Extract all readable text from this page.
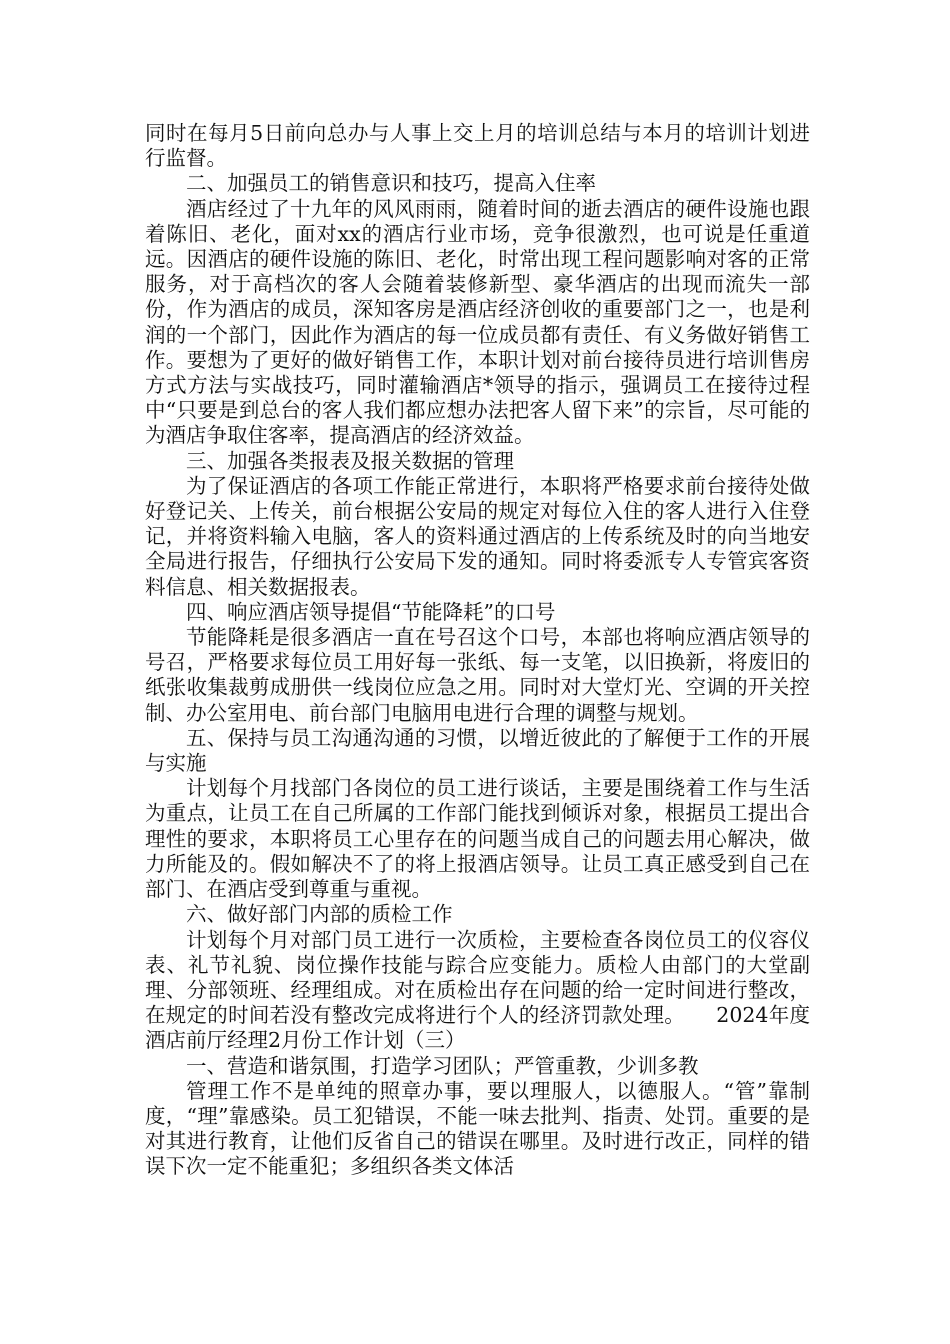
同时在每月5日前向总办与人事上交上月的培训总结与本月的培训计划进行监督。

二、加强员工的销售意识和技巧，提高入住率

酒店经过了十九年的风风雨雨，随着时间的逝去酒店的硬件设施也跟着陈旧、老化，面对xx的酒店行业市场，竞争很激烈，也可说是任重道远。因酒店的硬件设施的陈旧、老化，时常出现工程问题影响对客的正常服务，对于高档次的客人会随着装修新型、豪华酒店的出现而流失一部份，作为酒店的成员，深知客房是酒店经济创收的重要部门之一，也是利润的一个部门，因此作为酒店的每一位成员都有责任、有义务做好销售工作。要想为了更好的做好销售工作，本职计划对前台接待员进行培训售房方式方法与实战技巧，同时灌输酒店*领导的指示，强调员工在接待过程中“只要是到总台的客人我们都应想办法把客人留下来”的宗旨，尽可能的为酒店争取住客率，提高酒店的经济效益。

三、加强各类报表及报关数据的管理

为了保证酒店的各项工作能正常进行，本职将严格要求前台接待处做好登记关、上传关，前台根据公安局的规定对每位入住的客人进行入住登记，并将资料输入电脑，客人的资料通过酒店的上传系统及时的向当地安全局进行报告，仔细执行公安局下发的通知。同时将委派专人专管宾客资料信息、相关数据报表。

四、响应酒店领导提倡“节能降耗”的口号

节能降耗是很多酒店一直在号召这个口号，本部也将响应酒店领导的号召，严格要求每位员工用好每一张纸、每一支笔，以旧换新，将废旧的纸张收集裁剪成册供一线岗位应急之用。同时对大堂灯光、空调的开关控制、办公室用电、前台部门电脑用电进行合理的调整与规划。

五、保持与员工沟通沟通的习惯，以增近彼此的了解便于工作的开展与实施

计划每个月找部门各岗位的员工进行谈话，主要是围绕着工作与生活为重点，让员工在自己所属的工作部门能找到倾诉对象，根据员工提出合理性的要求，本职将员工心里存在的问题当成自己的问题去用心解决，做力所能及的。假如解决不了的将上报酒店领导。让员工真正感受到自己在部门、在酒店受到尊重与重视。

六、做好部门内部的质检工作

计划每个月对部门员工进行一次质检，主要检查各岗位员工的仪容仪表、礼节礼貌、岗位操作技能与踪合应变能力。质检人由部门的大堂副理、分部领班、经理组成。对在质检出存在问题的给一定时间进行整改，在规定的时间若没有整改完成将进行个人的经济罚款处理。　　2024年度酒店前厅经理2月份工作计划（三）

一、营造和谐氛围，打造学习团队；严管重教，少训多教

管理工作不是单纯的照章办事，要以理服人，以德服人。“管”靠制度，“理”靠感染。员工犯错误，不能一味去批判、指责、处罚。重要的是对其进行教育，让他们反省自己的错误在哪里。及时进行改正，同样的错误下次一定不能重犯；多组织各类文体活
